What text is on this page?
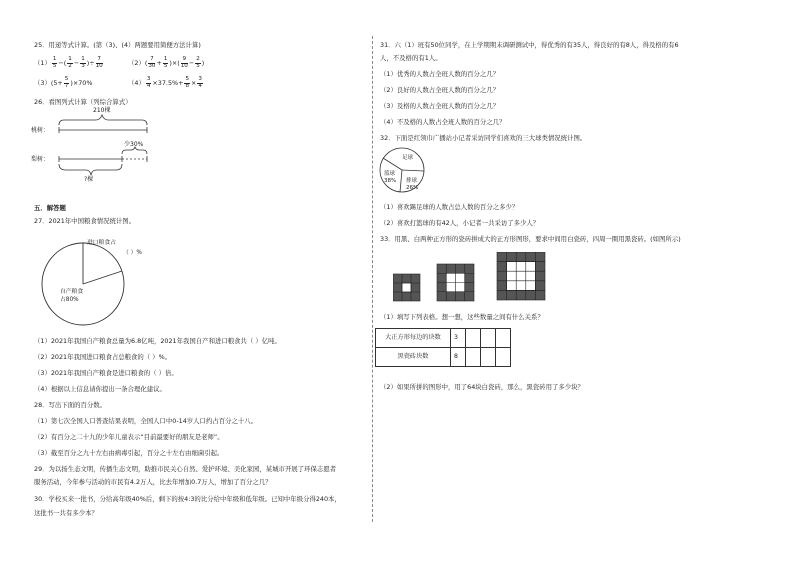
25．用递等式计算。(第（3)、(4）两题要用简便方法计算)
$(1) \frac{1}{5}$ −( $\frac{1}{2} - \frac{1}{3}$ )÷ $\frac{7}{10}$	$(2)( \frac{7}{30} + \frac{1}{5}$ )×( $\frac{9}{10} - \frac{2}{5}$ )
$(3)(5+ \frac{5}{7} )\times 70\%$	$(4) \frac{3}{4} \times 37.5\%+ \frac{5}{8} \times \frac{3}{4}$
26．看图列式计算（列综合算式）
桃树：
梨树：
210棵
少30%
?棵
五．解答题
27．2021年中国粮食情况统计图。
进口粮食占
（ ）%
自产粮食
占80%
（1）2021年我国自产粮食总量为6.8亿吨，2021年我国自产和进口粮食共（ ）亿吨。
（2）2021年我国进口粮食占总粮食的（ ）%。
（3）2021年我国自产粮食是进口粮食的（ ）倍。
（4）根据以上信息请你提出一条合理化建议。
28．写出下面的百分数。
（1）第七次全国人口普查结果表明，全国人口中0-14岁人口约占百分之十八。
（2）有百分之二十九的少年儿童表示“目前最要好的朋友是老师”。
（3）截至百分之九十左右由病毒引起，百分之十左右由细菌引起。
29．为以扬生态文明，传播生态文明，助推市民关心自然、爱护环境、美化家园，某城市开展了环保志愿者
服务活动，今年参与活动的市民有4.2万人，比去年增加0.7万人，增加了百分之几？
30．学校买来一批书，分给高年级40%后，剩下的按4:3的比分给中年级和低年级。已知中年级分得240本，
这批书一共有多少本？
31．六（1）班有50位同学，在上学期期末调研测试中，得优秀的有35人，得良好的有8人，得及格的有6
人，不及格的有1人。
（1）优秀的人数占全班人数的百分之几？
（2）良好的人数占全班人数的百分之几？
（3）及格的人数占全班人数的百分之几？
（4）不及格的人数占全班人数的百分之几？
32．下面是红领巾广播站小记者采访同学们喜欢的三大球类情况统计图。
足球
篮球
38% 排球
26%
（1）喜欢踢足球的人数占总人数的百分之多少？
（2）喜欢打篮球的有42人，小记者一共采访了多少人？
33．用黑、白两种正方形的瓷砖拼成大的正方形图形，要求中间用白瓷砖，四周一圈用黑瓷砖。(如图所示)
（1）填写下列表格。想一想，这些数量之间有什么关系？
大正方形每边的块数	3			
黑瓷砖块数	8			
（2）如果所拼的图形中，用了64块白瓷砖，那么，黑瓷砖用了多少块？
